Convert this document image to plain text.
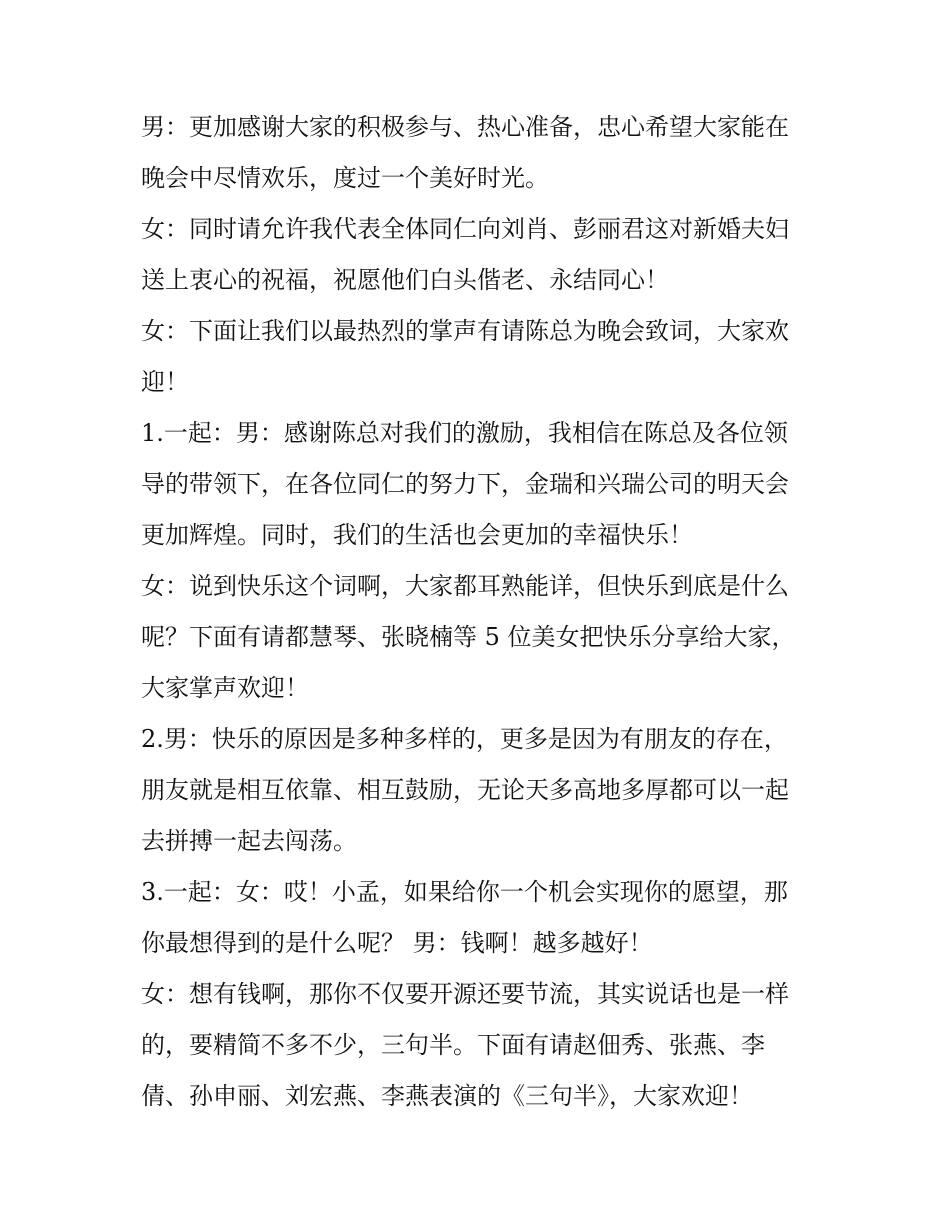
男：更加感谢大家的积极参与、热心准备，忠心希望大家能在
晚会中尽情欢乐，度过一个美好时光。
女：同时请允许我代表全体同仁向刘肖、彭丽君这对新婚夫妇
送上衷心的祝福，祝愿他们白头偕老、永结同心！
女：下面让我们以最热烈的掌声有请陈总为晚会致词，大家欢
迎！
1.一起：男：感谢陈总对我们的激励，我相信在陈总及各位领
导的带领下，在各位同仁的努力下，金瑞和兴瑞公司的明天会
更加辉煌。同时，我们的生活也会更加的幸福快乐！
女：说到快乐这个词啊，大家都耳熟能详，但快乐到底是什么
呢？下面有请都慧琴、张晓楠等 5 位美女把快乐分享给大家，
大家掌声欢迎！
2.男：快乐的原因是多种多样的，更多是因为有朋友的存在，
朋友就是相互依靠、相互鼓励，无论天多高地多厚都可以一起
去拼搏一起去闯荡。
3.一起：女：哎！小孟，如果给你一个机会实现你的愿望，那
你最想得到的是什么呢？ 男：钱啊！越多越好！
女：想有钱啊，那你不仅要开源还要节流，其实说话也是一样
的，要精简不多不少，三句半。下面有请赵佃秀、张燕、李
倩、孙申丽、刘宏燕、李燕表演的《三句半》，大家欢迎！
